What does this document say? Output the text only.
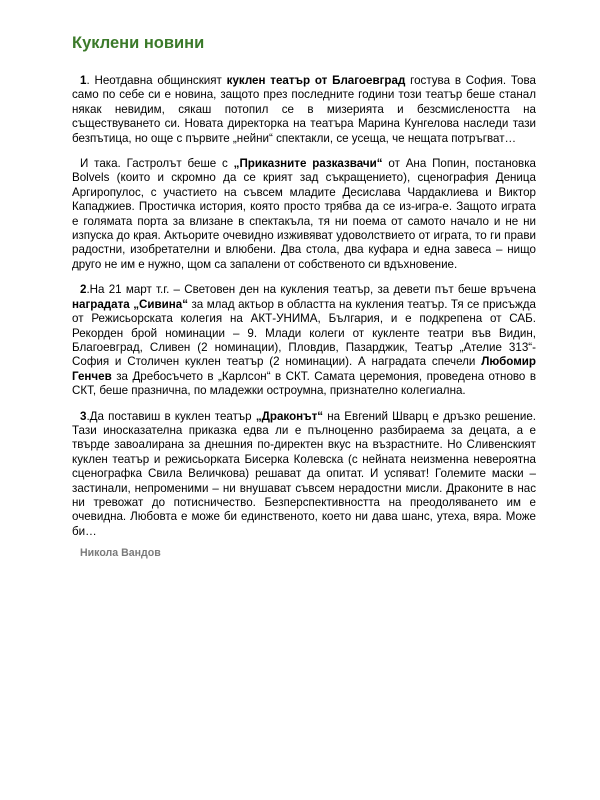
Куклени новини

1. Неотдавна общинският куклен театър от Благоевград гостува в София. Това само по себе си е новина, защото през последните години този театър беше станал някак невидим, сякаш потопил се в мизерията и безсмислеността на съществуването си. Новата директорка на театъра Марина Кунгелова наследи тази безпътица, но още с първите „нейни“ спектакли, се усеща, че нещата потръгват…

И така. Гастролът беше с „Приказните разказвачи“ от Ана Попин, постановка Bolvels (които и скромно да се крият зад съкращението), сценография Деница Аргиропулос, с участието на съвсем младите Десислава Чардаклиева и Виктор Кападжиев. Простичка история, която просто трябва да се из-игра-е. Защото играта е голямата порта за влизане в спектакъла, тя ни поема от самото начало и не ни изпуска до края. Актьорите очевидно изживяват удоволствието от играта, то ги прави радостни, изобретателни и влюбени. Два стола, два куфара и една завеса – нищо друго не им е нужно, щом са запалени от собственото си вдъхновение.

2.На 21 март т.г. – Световен ден на кукления театър, за девети път беше връчена наградата „Сивина“ за млад актьор в областта на кукления театър. Тя се присъжда от Режисьорската колегия на АКТ-УНИМА, България, и е подкрепена от САБ. Рекорден брой номинации – 9. Млади колеги от кукленте театри във Видин, Благоевград, Сливен (2 номинации), Пловдив, Пазарджик, Театър „Ателие 313“-София и Столичен куклен театър (2 номинации). А наградата спечели Любомир Генчев за Дребосъчето в „Карлсон“ в СКТ. Самата церемония, проведена отново в СКТ, беше празнична, по младежки остроумна, признателно колегиална.

3.Да поставиш в куклен театър „Драконът“ на Евгений Шварц е дръзко решение. Тази иносказателна приказка едва ли е пълноценно разбираема за децата, а е твърде завоалирана за днешния по-директен вкус на възрастните. Но Сливенският куклен театър и режисьорката Бисерка Колевска (с нейната неизменна невероятна сценографка Свила Величкова) решават да опитат. И успяват! Големите маски – застинали, непроменими – ни внушават съвсем нерадостни мисли. Драконите в нас ни тревожат до потисничество. Безперспективността на преодоляването им е очевидна. Любовта е може би единственото, което ни дава шанс, утеха, вяра. Може би…

Никола Вандов
